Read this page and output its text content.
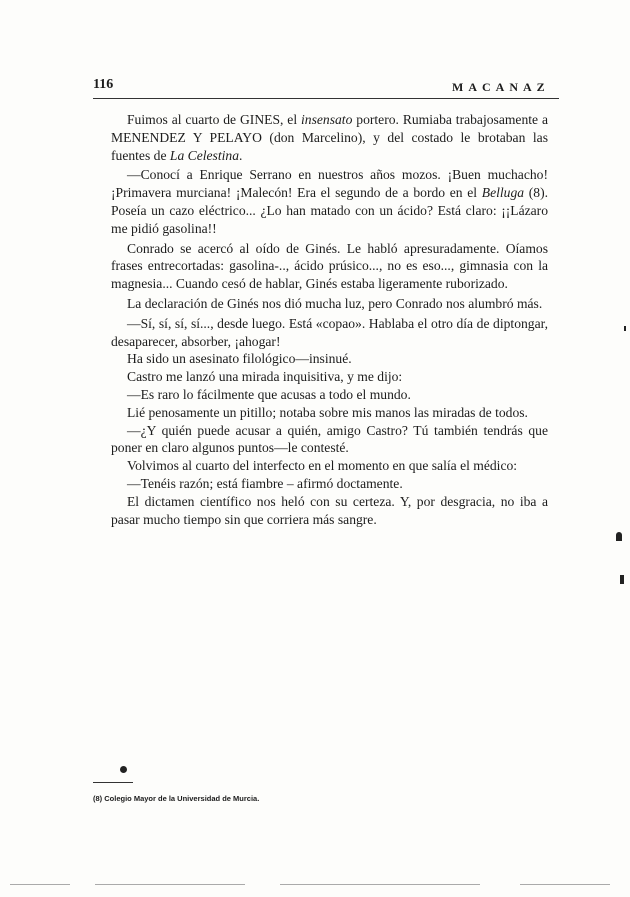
116	MACANAZ

Fuimos al cuarto de GINES, el insensato portero. Rumiaba trabajosamente a MENENDEZ Y PELAYO (don Marcelino), y del costado le brotaban las fuentes de La Celestina.

—Conocí a Enrique Serrano en nuestros años mozos. ¡Buen muchacho! ¡Primavera murciana! ¡Malecón! Era el segundo de a bordo en el Belluga (8). Poseía un cazo eléctrico... ¿Lo han matado con un ácido? Está claro: ¡¡Lázaro me pidió gasolina!!

Conrado se acercó al oído de Ginés. Le habló apresuradamente. Oíamos frases entrecortadas: gasolina-.., ácido prúsico..., no es eso..., gimnasia con la magnesia... Cuando cesó de hablar, Ginés estaba ligeramente ruborizado.

La declaración de Ginés nos dió mucha luz, pero Conrado nos alumbró más.

—Sí, sí, sí, sí..., desde luego. Está «copao». Hablaba el otro día de diptongar, desaparecer, absorber, ¡ahogar!

Ha sido un asesinato filológico—insinué.

Castro me lanzó una mirada inquisitiva, y me dijo:

—Es raro lo fácilmente que acusas a todo el mundo.

Lié penosamente un pitillo; notaba sobre mis manos las miradas de todos.

—¿Y quién puede acusar a quién, amigo Castro? Tú también tendrás que poner en claro algunos puntos—le contesté.

Volvimos al cuarto del interfecto en el momento en que salía el médico:

—Tenéis razón; está fiambre – afirmó doctamente.

El dictamen científico nos heló con su certeza. Y, por desgracia, no iba a pasar mucho tiempo sin que corriera más sangre.

(8) Colegio Mayor de la Universidad de Murcia.
